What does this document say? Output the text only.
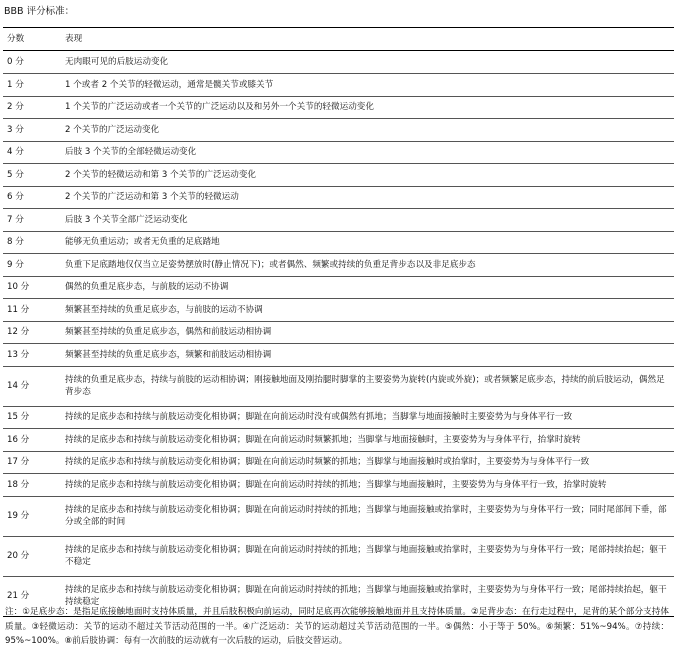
BBB 评分标准：
分数	表现
0 分	无肉眼可见的后肢运动变化
1 分	1 个或者 2 个关节的轻微运动，通常是髋关节或膝关节
2 分	1 个关节的广泛运动或者一个关节的广泛运动以及和另外一个关节的轻微运动变化
3 分	2 个关节的广泛运动变化
4 分	后肢 3 个关节的全部轻微运动变化
5 分	2 个关节的轻微运动和第 3 个关节的广泛运动变化
6 分	2 个关节的广泛运动和第 3 个关节的轻微运动
7 分	后肢 3 个关节全部广泛运动变化
8 分	能够无负重运动；或者无负重的足底踏地
9 分	负重下足底踏地仅仅当立足姿势摆放时(静止情况下)；或者偶然、频繁或持续的负重足背步态以及非足底步态
10 分	偶然的负重足底步态，与前肢的运动不协调
11 分	频繁甚至持续的负重足底步态，与前肢的运动不协调
12 分	频繁甚至持续的负重足底步态，偶然和前肢运动相协调
13 分	频繁甚至持续的负重足底步态，频繁和前肢运动相协调
14 分	持续的负重足底步态，持续与前肢的运动相协调；刚接触地面及刚抬腿时脚掌的主要姿势为旋转(内旋或外旋)；或者频繁足底步态，持续的前后肢运动，偶然足背步态
15 分	持续的足底步态和持续与前肢运动变化相协调；脚趾在向前运动时没有或偶然有抓地；当脚掌与地面接触时主要姿势为与身体平行一致
16 分	持续的足底步态和持续与前肢运动变化相协调；脚趾在向前运动时频繁抓地；当脚掌与地面接触时，主要姿势为与身体平行，抬掌时旋转
17 分	持续的足底步态和持续与前肢运动变化相协调；脚趾在向前运动时频繁的抓地；当脚掌与地面接触时或抬掌时，主要姿势为与身体平行一致
18 分	持续的足底步态和持续与前肢运动变化相协调；脚趾在向前运动时持续的抓地；当脚掌与地面接触时，主要姿势为与身体平行一致，抬掌时旋转
19 分	持续的足底步态和持续与前肢运动变化相协调；脚趾在向前运动时持续的抓地；当脚掌与地面接触或抬掌时，主要姿势为与身体平行一致；同时尾部间下垂，部分或全部的时间
20 分	持续的足底步态和持续与前肢运动变化相协调；脚趾在向前运动时持续的抓地；当脚掌与地面接触或抬掌时，主要姿势为与身体平行一致；尾部持续抬起；躯干不稳定
21 分	持续的足底步态和持续与前肢运动变化相协调；脚趾在向前运动时持续的抓地；当脚掌与地面接触或抬掌时，主要姿势为与身体平行一致；尾部持续抬起，躯干持续稳定
注：①足底步态：是指足底接触地面时支持体质量，并且后肢积极向前运动，同时足底再次能够接触地面并且支持体质量。②足背步态：在行走过程中，足背的某个部分支持体质量。③轻微运动：关节的运动不超过关节活动范围的一半。④广泛运动：关节的运动超过关节活动范围的一半。⑤偶然：小于等于 50%。⑥频繁：51%~94%。⑦持续：95%~100%。⑧前后肢协调：每有一次前肢的运动就有一次后肢的运动，后肢交替运动。
